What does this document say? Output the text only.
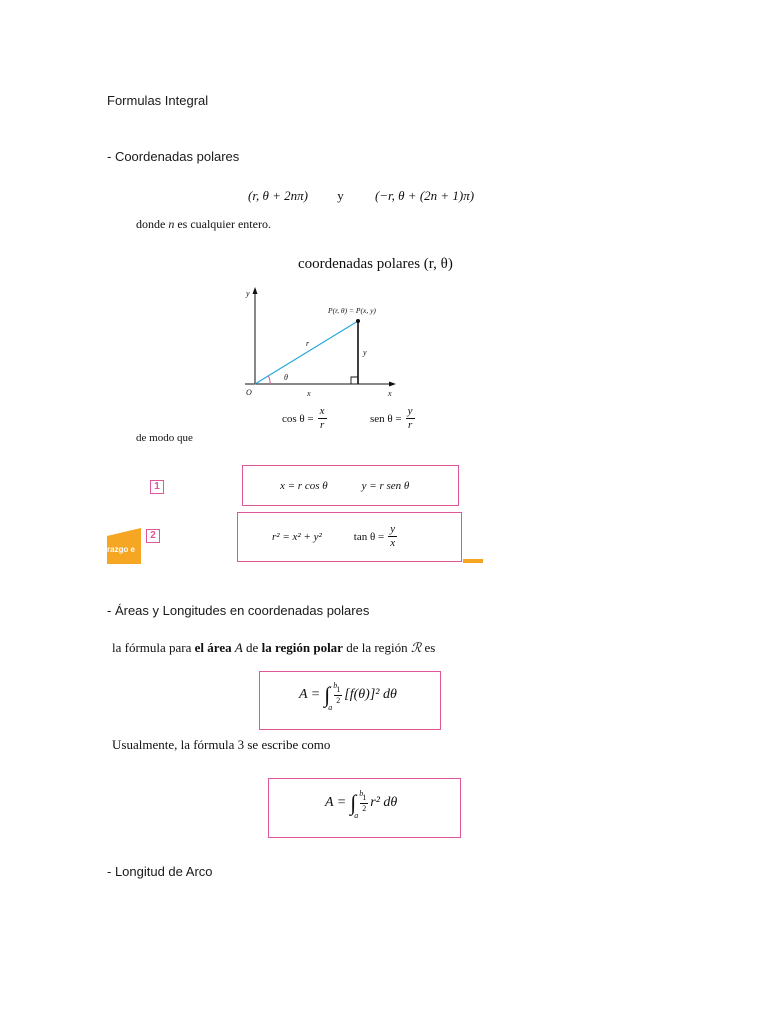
Formulas Integral
- Coordenadas polares
(r, θ + 2nπ) y (−r, θ + (2n + 1)π)
donde n es cualquier entero.
coordenadas polares (r, θ)
y
x
O
P(r, θ) = P(x, y)
r
θ
y
x
$\cos \theta = \frac{x}{r}$	sen $\theta = \frac{y}{r}$
de modo que
1	x = r cos θ	y = r sen θ
razgo e
2	r² = x² + y²	$\tan \theta = \frac{y}{x}$
- Áreas y Longitudes en coordenadas polares
la fórmula para el área A de la región polar de la región ℛ es
A = ∫ b
a
$\frac{1}{2} [f(\theta)]^2$ dθ
Usualmente, la fórmula 3 se escribe como
A = ∫ b
a
$\frac{1}{2} r^2$ dθ
- Longitud de Arco
